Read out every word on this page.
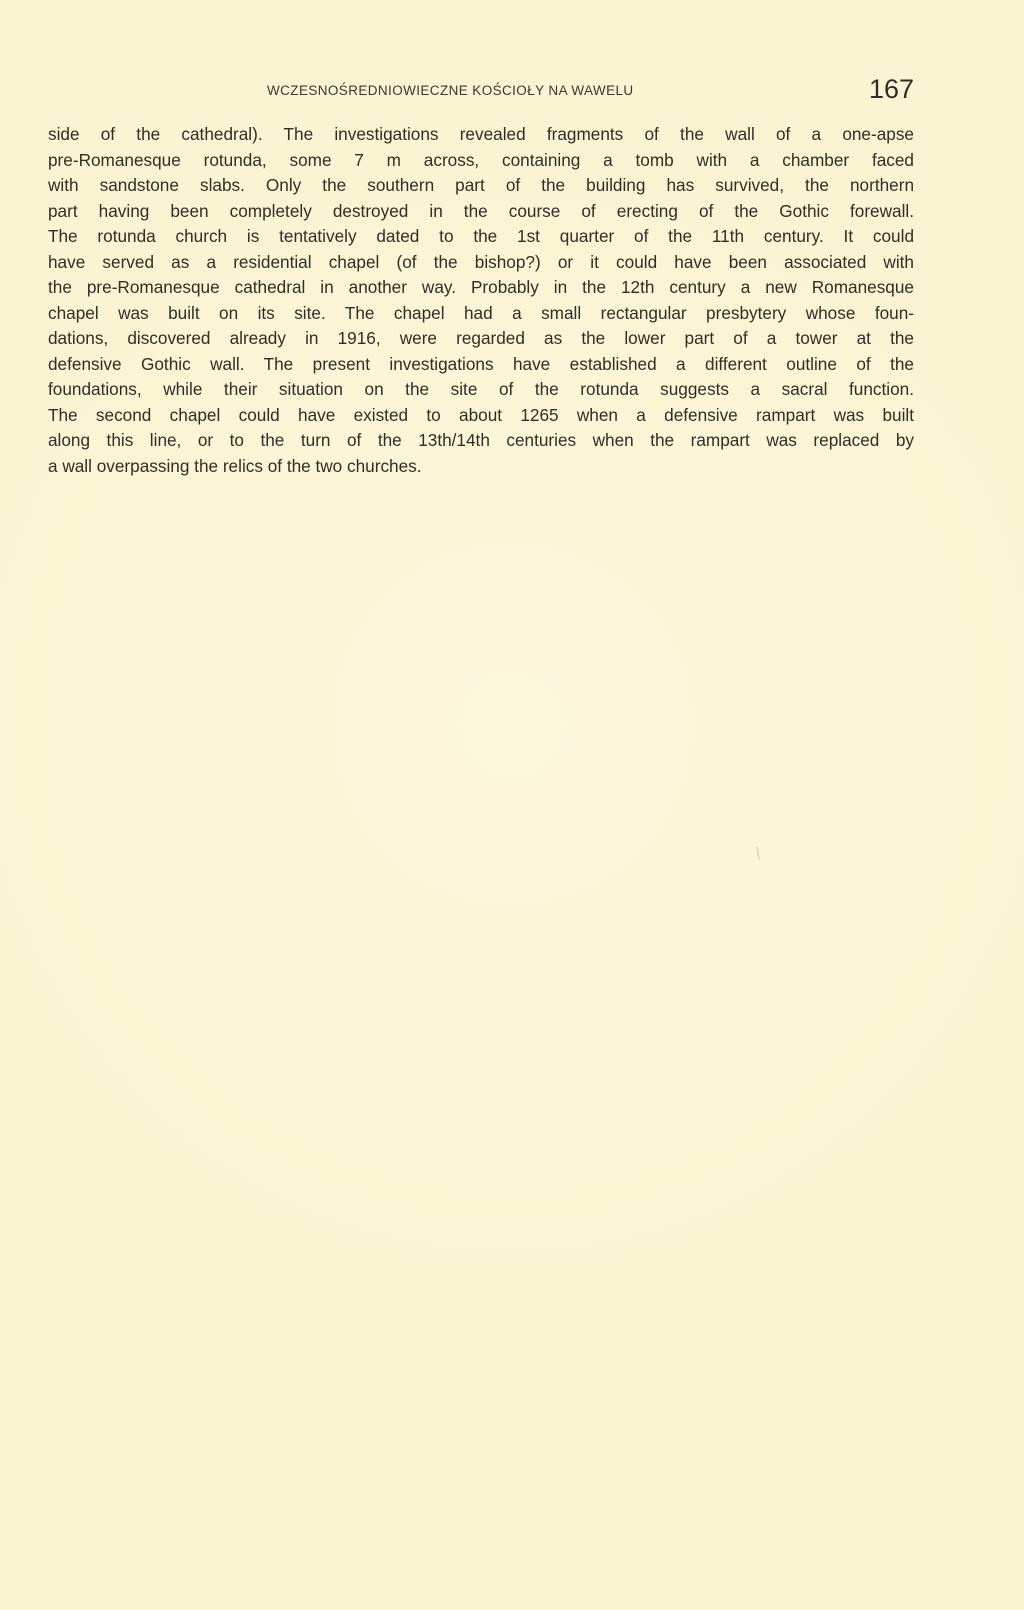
WCZESNOŚREDNIOWIECZNE KOŚCIOŁY NA WAWELU	167
side of the cathedral). The investigations revealed fragments of the wall of a one-apse
pre-Romanesque rotunda, some 7 m across, containing a tomb with a chamber faced
with sandstone slabs. Only the southern part of the building has survived, the northern
part having been completely destroyed in the course of erecting of the Gothic forewall.
The rotunda church is tentatively dated to the 1st quarter of the 11th century. It could
have served as a residential chapel (of the bishop?) or it could have been associated with
the pre-Romanesque cathedral in another way. Probably in the 12th century a new Romanesque
chapel was built on its site. The chapel had a small rectangular presbytery whose foun-
dations, discovered already in 1916, were regarded as the lower part of a tower at the
defensive Gothic wall. The present investigations have established a different outline of the
foundations, while their situation on the site of the rotunda suggests a sacral function.
The second chapel could have existed to about 1265 when a defensive rampart was built
along this line, or to the turn of the 13th/14th centuries when the rampart was replaced by
a wall overpassing the relics of the two churches.
